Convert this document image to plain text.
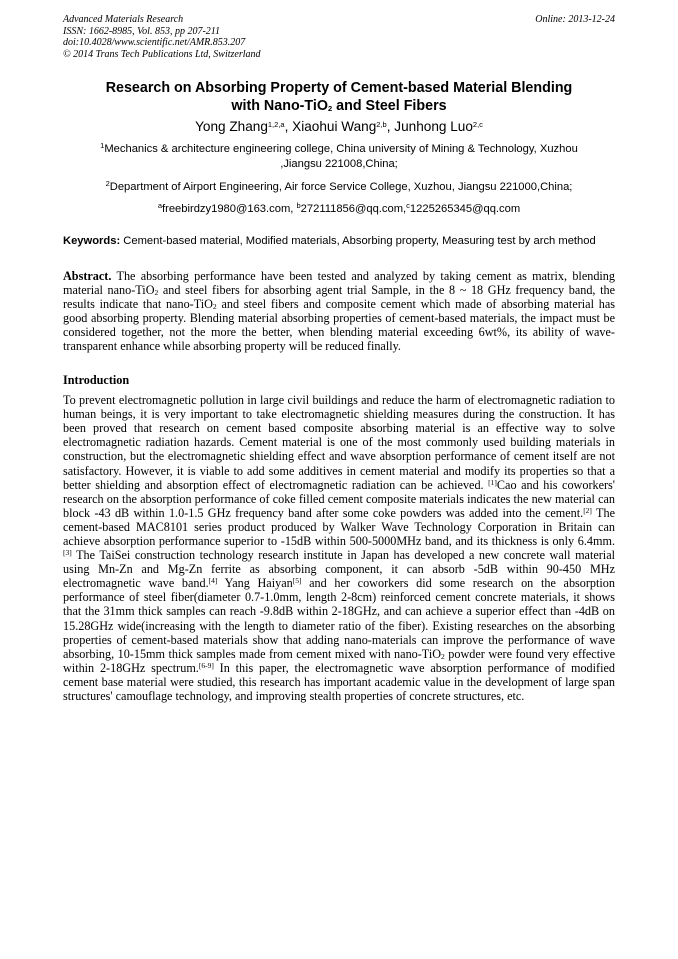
Advanced Materials Research
ISSN: 1662-8985, Vol. 853, pp 207-211
doi:10.4028/www.scientific.net/AMR.853.207
© 2014 Trans Tech Publications Ltd, Switzerland
Online: 2013-12-24
Research on Absorbing Property of Cement-based Material Blending
with Nano-TiO$_2$ and Steel Fibers
Yong Zhang$^{1,2,a}$, Xiaohui Wang$^{2,b}$, Junhong Luo$^{2,c}$
$^1$Mechanics & architecture engineering college, China university of Mining & Technology, Xuzhou
,Jiangsu 221008,China;
$^2$Department of Airport Engineering, Air force Service College, Xuzhou, Jiangsu 221000,China;
$^a$freebirdzy1980@163.com, $^b$272111856@qq.com,$^c$1225265345@qq.com
Keywords: Cement-based material, Modified materials, Absorbing property, Measuring test by arch method
Abstract. The absorbing performance have been tested and analyzed by taking cement as matrix, blending material nano-TiO$_2$ and steel fibers for absorbing agent trial Sample, in the 8 ~ 18 GHz frequency band, the results indicate that nano-TiO$_2$ and steel fibers and composite cement which made of absorbing material has good absorbing property. Blending material absorbing properties of cement-based materials, the impact must be considered together, not the more the better, when blending material exceeding 6wt%, its ability of wave-transparent enhance while absorbing property will be reduced finally.
Introduction
To prevent electromagnetic pollution in large civil buildings and reduce the harm of electromagnetic radiation to human beings, it is very important to take electromagnetic shielding measures during the construction. It has been proved that research on cement based composite absorbing material is an effective way to solve electromagnetic radiation hazards. Cement material is one of the most commonly used building materials in construction, but the electromagnetic shielding effect and wave absorption performance of cement itself are not satisfactory. However, it is viable to add some additives in cement material and modify its properties so that a better shielding and absorption effect of electromagnetic radiation can be achieved. [1]Cao and his coworkers' research on the absorption performance of coke filled cement composite materials indicates the new material can block -43 dB within 1.0-1.5 GHz frequency band after some coke powders was added into the cement.[2] The cement-based MAC8101 series product produced by Walker Wave Technology Corporation in Britain can achieve absorption performance superior to -15dB within 500-5000MHz band, and its thickness is only 6.4mm.[3] The TaiSei construction technology research institute in Japan has developed a new concrete wall material using Mn-Zn and Mg-Zn ferrite as absorbing component, it can absorb -5dB within 90-450 MHz electromagnetic wave band.[4] Yang Haiyan[5] and her coworkers did some research on the absorption performance of steel fiber(diameter 0.7-1.0mm, length 2-8cm) reinforced cement concrete materials, it shows that the 31mm thick samples can reach -9.8dB within 2-18GHz, and can achieve a superior effect than -4dB on 15.28GHz wide(increasing with the length to diameter ratio of the fiber). Existing researches on the absorbing properties of cement-based materials show that adding nano-materials can improve the performance of wave absorbing, 10-15mm thick samples made from cement mixed with nano-TiO$_2$ powder were found very effective within 2-18GHz spectrum.[6-9] In this paper, the electromagnetic wave absorption performance of modified cement base material were studied, this research has important academic value in the development of large span structures' camouflage technology, and improving stealth properties of concrete structures, etc.
